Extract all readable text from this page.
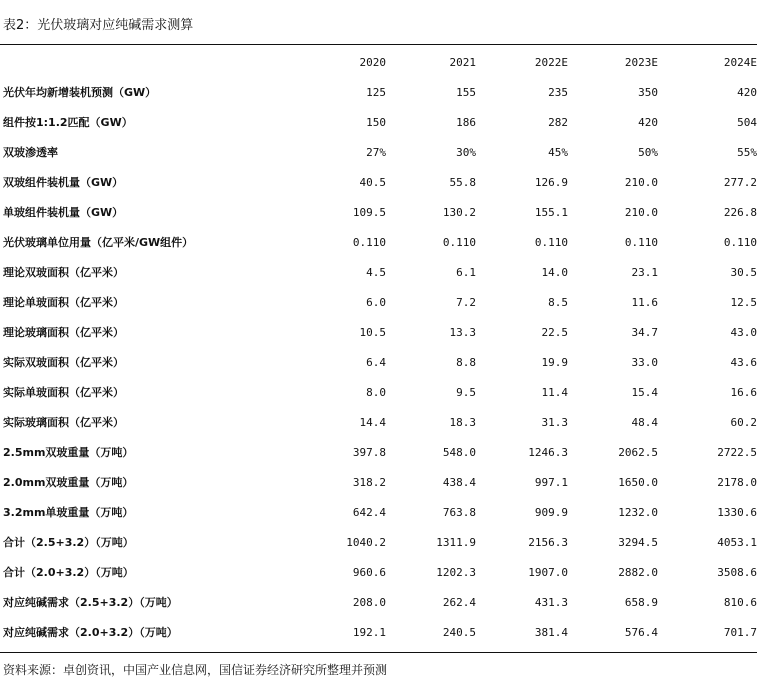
表2：光伏玻璃对应纯碱需求测算
	2020	2021	2022E	2023E	2024E
光伏年均新增装机预测（GW）	125	155	235	350	420
组件按1:1.2匹配（GW）	150	186	282	420	504
双玻渗透率	27%	30%	45%	50%	55%
双玻组件装机量（GW）	40.5	55.8	126.9	210.0	277.2
单玻组件装机量（GW）	109.5	130.2	155.1	210.0	226.8
光伏玻璃单位用量（亿平米/GW组件）	0.110	0.110	0.110	0.110	0.110
理论双玻面积（亿平米）	4.5	6.1	14.0	23.1	30.5
理论单玻面积（亿平米）	6.0	7.2	8.5	11.6	12.5
理论玻璃面积（亿平米）	10.5	13.3	22.5	34.7	43.0
实际双玻面积（亿平米）	6.4	8.8	19.9	33.0	43.6
实际单玻面积（亿平米）	8.0	9.5	11.4	15.4	16.6
实际玻璃面积（亿平米）	14.4	18.3	31.3	48.4	60.2
2.5mm双玻重量（万吨）	397.8	548.0	1246.3	2062.5	2722.5
2.0mm双玻重量（万吨）	318.2	438.4	997.1	1650.0	2178.0
3.2mm单玻重量（万吨）	642.4	763.8	909.9	1232.0	1330.6
合计（2.5+3.2）（万吨）	1040.2	1311.9	2156.3	3294.5	4053.1
合计（2.0+3.2）（万吨）	960.6	1202.3	1907.0	2882.0	3508.6
对应纯碱需求（2.5+3.2）（万吨）	208.0	262.4	431.3	658.9	810.6
对应纯碱需求（2.0+3.2）（万吨）	192.1	240.5	381.4	576.4	701.7
资料来源：卓创资讯，中国产业信息网，国信证券经济研究所整理并预测
